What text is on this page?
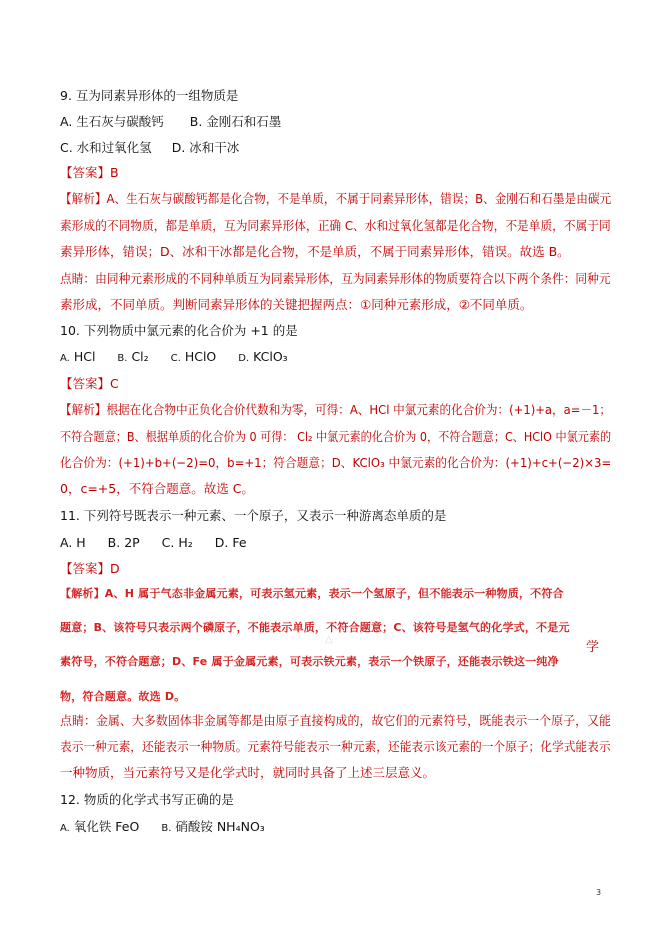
9. 互为同素异形体的一组物质是
A. 生石灰与碳酸钙 B. 金刚石和石墨
C. 水和过氧化氢 D. 冰和干冰
【答案】B
【解析】A、生石灰与碳酸钙都是化合物，不是单质，不属于同素异形体，错误；B、金刚石和石墨是由碳元
素形成的不同物质，都是单质，互为同素异形体，正确 C、水和过氧化氢都是化合物，不是单质，不属于同
素异形体，错误；D、冰和干冰都是化合物，不是单质，不属于同素异形体，错误。故选 B。
点睛：由同种元素形成的不同种单质互为同素异形体，互为同素异形体的物质要符合以下两个条件：同种元
素形成，不同单质。判断同素异形体的关键把握两点：①同种元素形成，②不同单质。
10. 下列物质中氯元素的化合价为 +1 的是
A. HCl B. Cl₂ C. HClO D. KClO₃
【答案】C
【解析】根据在化合物中正负化合价代数和为零，可得：A、HCl 中氯元素的化合价为：(+1)+a，a=－1；
不符合题意；B、根据单质的化合价为 0 可得： Cl₂ 中氯元素的化合价为 0，不符合题意；C、HClO 中氯元素的
化合价为：(+1)+b+(−2)=0，b=+1；符合题意；D、KClO₃ 中氯元素的化合价为：(+1)+c+(−2)×3=
0，c=+5，不符合题意。故选 C。
11. 下列符号既表示一种元素、一个原子，又表示一种游离态单质的是
A. H B. 2P C. H₂ D. Fe
【答案】D
【解析】A、H 属于气态非金属元素，可表示氢元素，表示一个氢原子，但不能表示一种物质，不符合
题意；B、该符号只表示两个磷原子，不能表示单质，不符合题意；C、该符号是氢气的化学式，不是元
△
学
素符号，不符合题意；D、Fe 属于金属元素，可表示铁元素，表示一个铁原子，还能表示铁这一纯净
物，符合题意。故选 D。
点睛：金属、大多数固体非金属等都是由原子直接构成的，故它们的元素符号，既能表示一个原子，又能
表示一种元素，还能表示一种物质。元素符号能表示一种元素，还能表示该元素的一个原子；化学式能表示
一种物质，当元素符号又是化学式时，就同时具备了上述三层意义。
12. 物质的化学式书写正确的是
A. 氧化铁 FeO B. 硝酸铵 NH₄NO₃
3
